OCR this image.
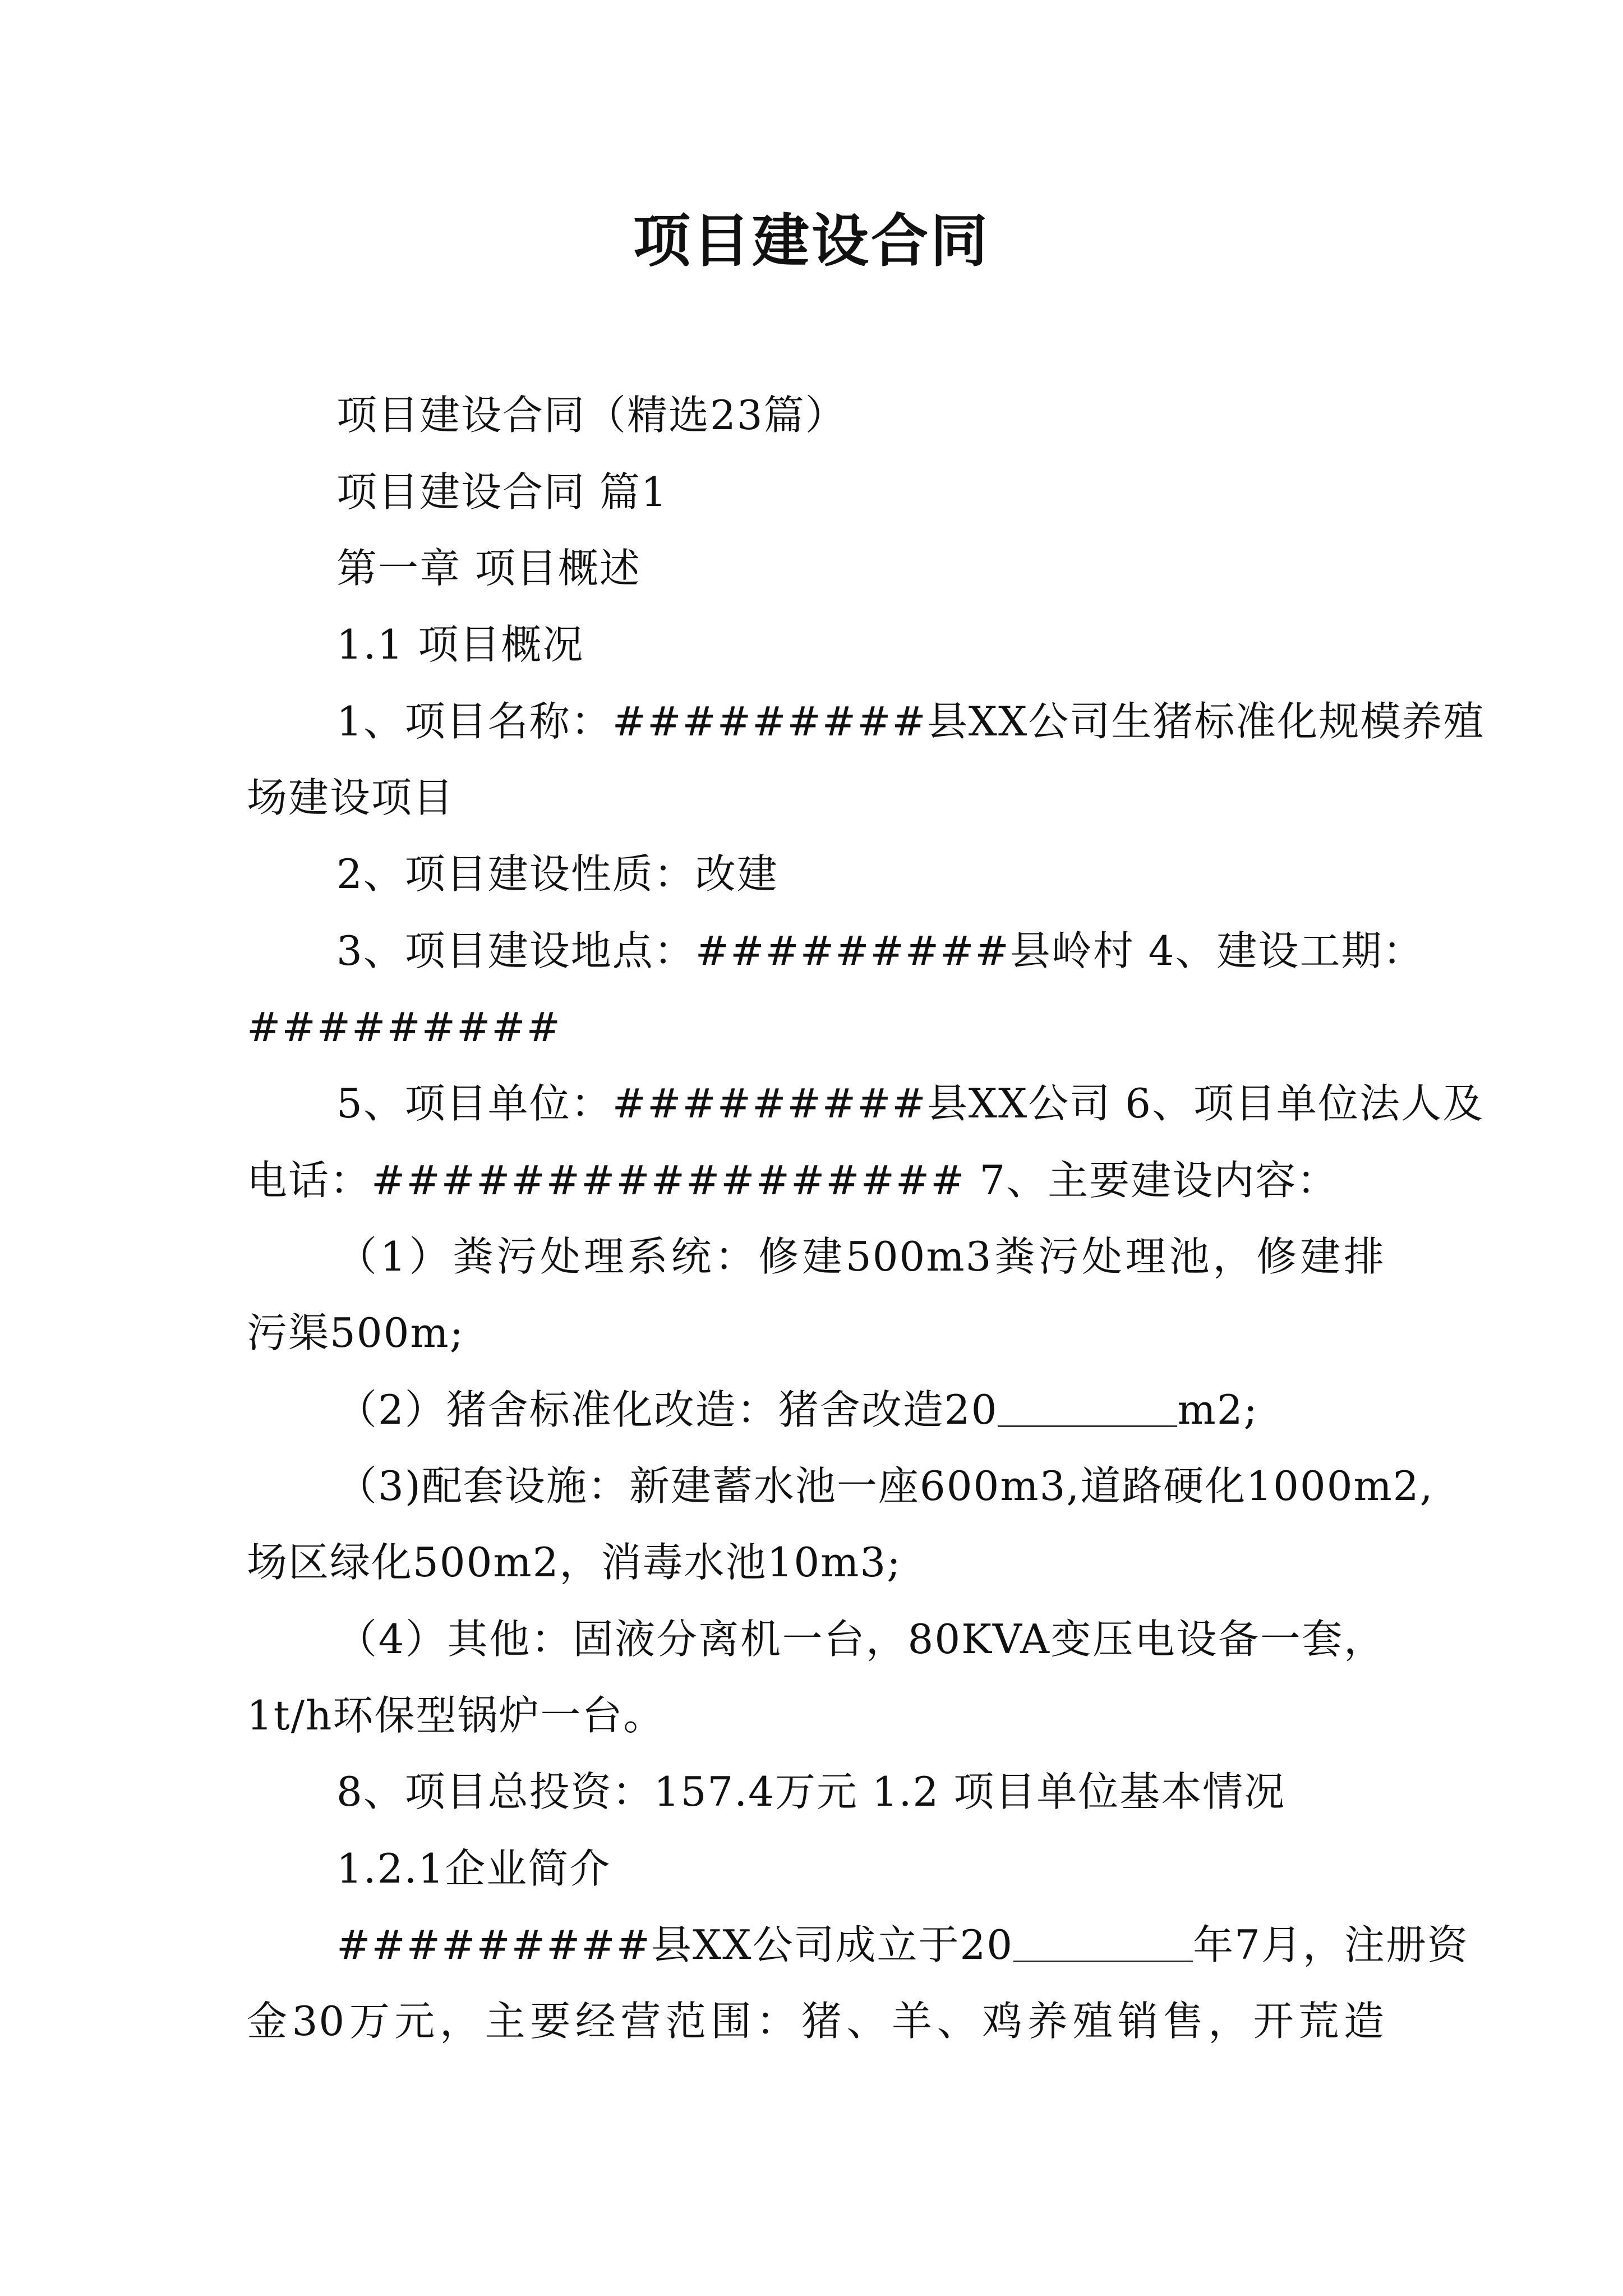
项目建设合同
项目建设合同（精选23篇）
项目建设合同 篇1
第一章 项目概述
1.1 项目概况
1、项目名称：#########县XX公司生猪标准化规模养殖
场建设项目
2、项目建设性质：改建
3、项目建设地点：#########县岭村 4、建设工期：
#########
5、项目单位：#########县XX公司 6、项目单位法人及
电话：################# 7、主要建设内容：
（1）粪污处理系统：修建500m3粪污处理池，修建排
污渠500m;
（2）猪舍标准化改造：猪舍改造20	m2;
（3)配套设施：新建蓄水池一座600m3,道路硬化1000m2,
场区绿化500m2，消毒水池10m3;
（4）其他：固液分离机一台，80KVA变压电设备一套，
1t/h环保型锅炉一台。
8、项目总投资：157.4万元 1.2 项目单位基本情况
1.2.1企业简介
#########县XX公司成立于20	年7月，注册资
金30万元，主要经营范围：猪、羊、鸡养殖销售，开荒造
